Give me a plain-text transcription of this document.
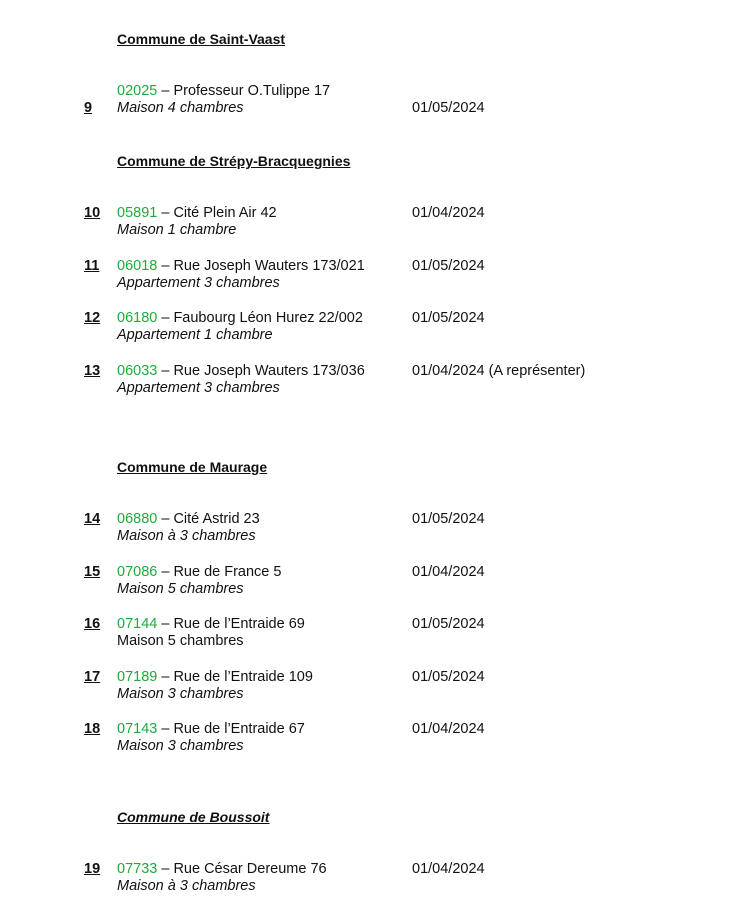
Commune de Saint-Vaast
Commune de Strépy-Bracquegnies
Commune de Maurage
Commune de Boussoit
9
02025 – Professeur O.Tulippe 17
Maison 4 chambres	01/05/2024
10 05891 – Cité Plein Air 42
Maison 1 chambre
01/04/2024
11 06018 – Rue Joseph Wauters 173/021
Appartement 3 chambres
01/05/2024
12 06180 – Faubourg Léon Hurez 22/002
Appartement 1 chambre
01/05/2024
13 06033 – Rue Joseph Wauters 173/036
Appartement 3 chambres
01/04/2024 (A représenter)
14 06880 – Cité Astrid 23
Maison à 3 chambres
01/05/2024
15 07086 – Rue de France 5
Maison 5 chambres
01/04/2024
16 07144 – Rue de l’Entraide 69
Maison 5 chambres
01/05/2024
17 07189 – Rue de l’Entraide 109
Maison 3 chambres
01/05/2024
18 07143 – Rue de l’Entraide 67
Maison 3 chambres
01/04/2024
19 07733 – Rue César Dereume 76
Maison à 3 chambres
01/04/2024
